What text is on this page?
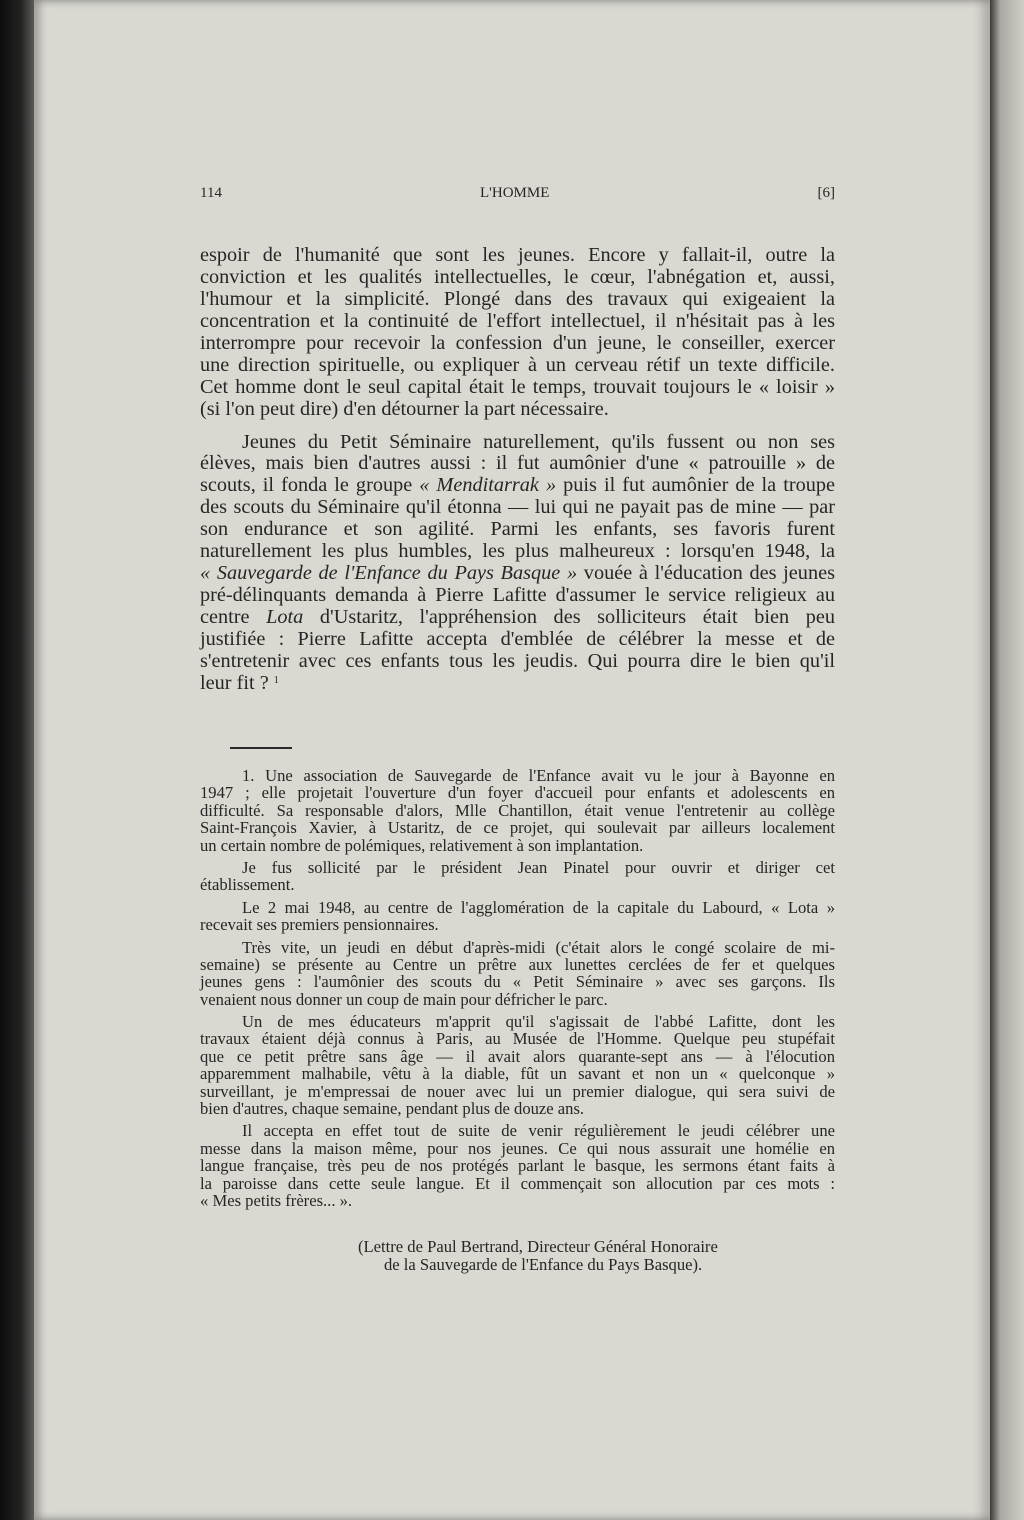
114	L'HOMME	[6]
espoir de l'humanité que sont les jeunes. Encore y fallait-il, outre la
conviction et les qualités intellectuelles, le cœur, l'abnégation et, aussi,
l'humour et la simplicité. Plongé dans des travaux qui exigeaient la
concentration et la continuité de l'effort intellectuel, il n'hésitait pas à les
interrompre pour recevoir la confession d'un jeune, le conseiller, exercer
une direction spirituelle, ou expliquer à un cerveau rétif un texte difficile.
Cet homme dont le seul capital était le temps, trouvait toujours le « loisir »
(si l'on peut dire) d'en détourner la part nécessaire.
Jeunes du Petit Séminaire naturellement, qu'ils fussent ou non ses
élèves, mais bien d'autres aussi : il fut aumônier d'une « patrouille » de
scouts, il fonda le groupe « Menditarrak » puis il fut aumônier de la troupe
des scouts du Séminaire qu'il étonna — lui qui ne payait pas de mine — par
son endurance et son agilité. Parmi les enfants, ses favoris furent
naturellement les plus humbles, les plus malheureux : lorsqu'en 1948, la
« Sauvegarde de l'Enfance du Pays Basque » vouée à l'éducation des jeunes
pré-délinquants demanda à Pierre Lafitte d'assumer le service religieux au
centre Lota d'Ustaritz, l'appréhension des solliciteurs était bien peu
justifiée : Pierre Lafitte accepta d'emblée de célébrer la messe et de
s'entretenir avec ces enfants tous les jeudis. Qui pourra dire le bien qu'il
leur fit ? $^1$
1. Une association de Sauvegarde de l'Enfance avait vu le jour à Bayonne en
1947 ; elle projetait l'ouverture d'un foyer d'accueil pour enfants et adolescents en
difficulté. Sa responsable d'alors, Mlle Chantillon, était venue l'entretenir au collège
Saint-François Xavier, à Ustaritz, de ce projet, qui soulevait par ailleurs localement
un certain nombre de polémiques, relativement à son implantation.
Je fus sollicité par le président Jean Pinatel pour ouvrir et diriger cet
établissement.
Le 2 mai 1948, au centre de l'agglomération de la capitale du Labourd, « Lota »
recevait ses premiers pensionnaires.
Très vite, un jeudi en début d'après-midi (c'était alors le congé scolaire de mi-
semaine) se présente au Centre un prêtre aux lunettes cerclées de fer et quelques
jeunes gens : l'aumônier des scouts du « Petit Séminaire » avec ses garçons. Ils
venaient nous donner un coup de main pour défricher le parc.
Un de mes éducateurs m'apprit qu'il s'agissait de l'abbé Lafitte, dont les
travaux étaient déjà connus à Paris, au Musée de l'Homme. Quelque peu stupéfait
que ce petit prêtre sans âge — il avait alors quarante-sept ans — à l'élocution
apparemment malhabile, vêtu à la diable, fût un savant et non un « quelconque »
surveillant, je m'empressai de nouer avec lui un premier dialogue, qui sera suivi de
bien d'autres, chaque semaine, pendant plus de douze ans.
Il accepta en effet tout de suite de venir régulièrement le jeudi célébrer une
messe dans la maison même, pour nos jeunes. Ce qui nous assurait une homélie en
langue française, très peu de nos protégés parlant le basque, les sermons étant faits à
la paroisse dans cette seule langue. Et il commençait son allocution par ces mots :
« Mes petits frères... ».
(Lettre de Paul Bertrand, Directeur Général Honoraire
de la Sauvegarde de l'Enfance du Pays Basque).
